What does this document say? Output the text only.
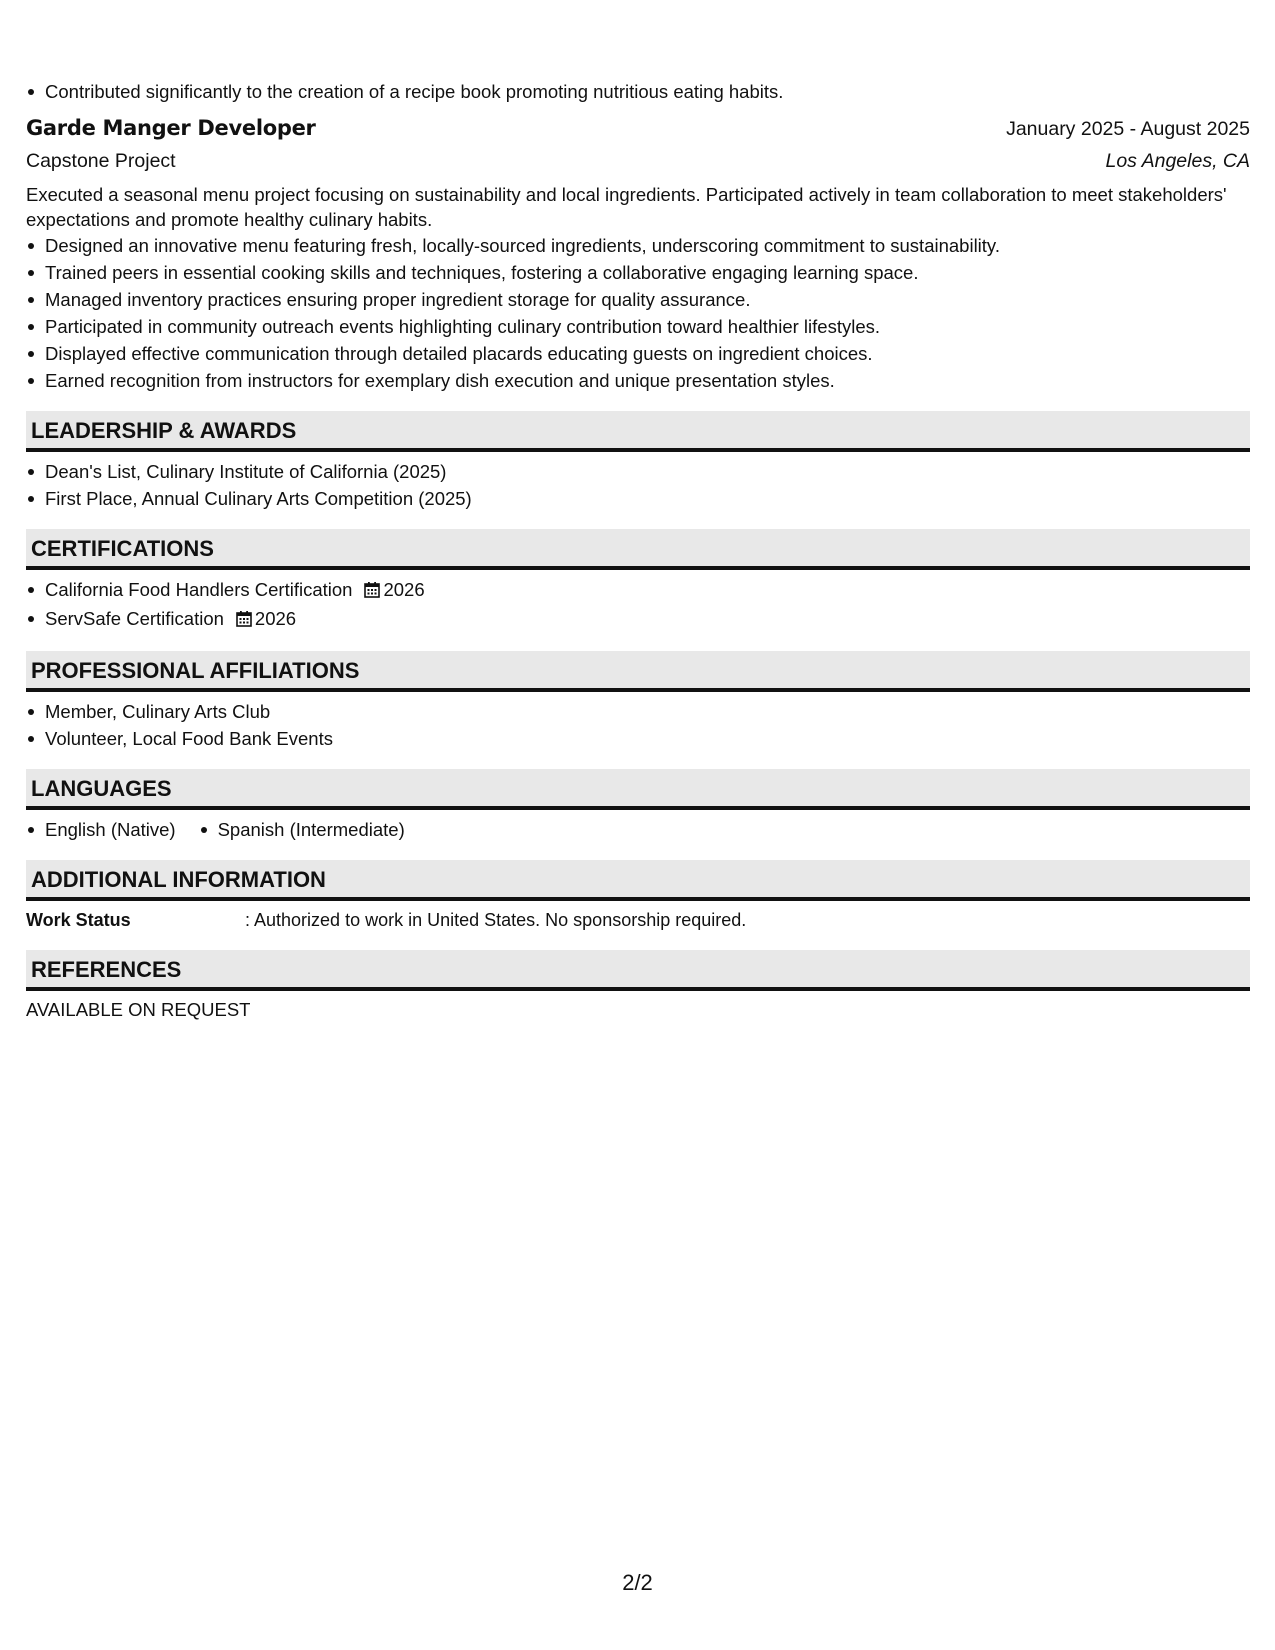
Contributed significantly to the creation of a recipe book promoting nutritious eating habits.
Garde Manger Developer	January 2025 - August 2025
Capstone Project	Los Angeles, CA
Executed a seasonal menu project focusing on sustainability and local ingredients. Participated actively in team collaboration to meet stakeholders' expectations and promote healthy culinary habits.
Designed an innovative menu featuring fresh, locally-sourced ingredients, underscoring commitment to sustainability.
Trained peers in essential cooking skills and techniques, fostering a collaborative engaging learning space.
Managed inventory practices ensuring proper ingredient storage for quality assurance.
Participated in community outreach events highlighting culinary contribution toward healthier lifestyles.
Displayed effective communication through detailed placards educating guests on ingredient choices.
Earned recognition from instructors for exemplary dish execution and unique presentation styles.
LEADERSHIP & AWARDS
Dean's List, Culinary Institute of California (2025)
First Place, Annual Culinary Arts Competition (2025)
CERTIFICATIONS
California Food Handlers Certification 2026
ServSafe Certification 2026
PROFESSIONAL AFFILIATIONS
Member, Culinary Arts Club
Volunteer, Local Food Bank Events
LANGUAGES
English (Native) Spanish (Intermediate)
ADDITIONAL INFORMATION
Work Status	: Authorized to work in United States. No sponsorship required.
REFERENCES
AVAILABLE ON REQUEST
2/2
